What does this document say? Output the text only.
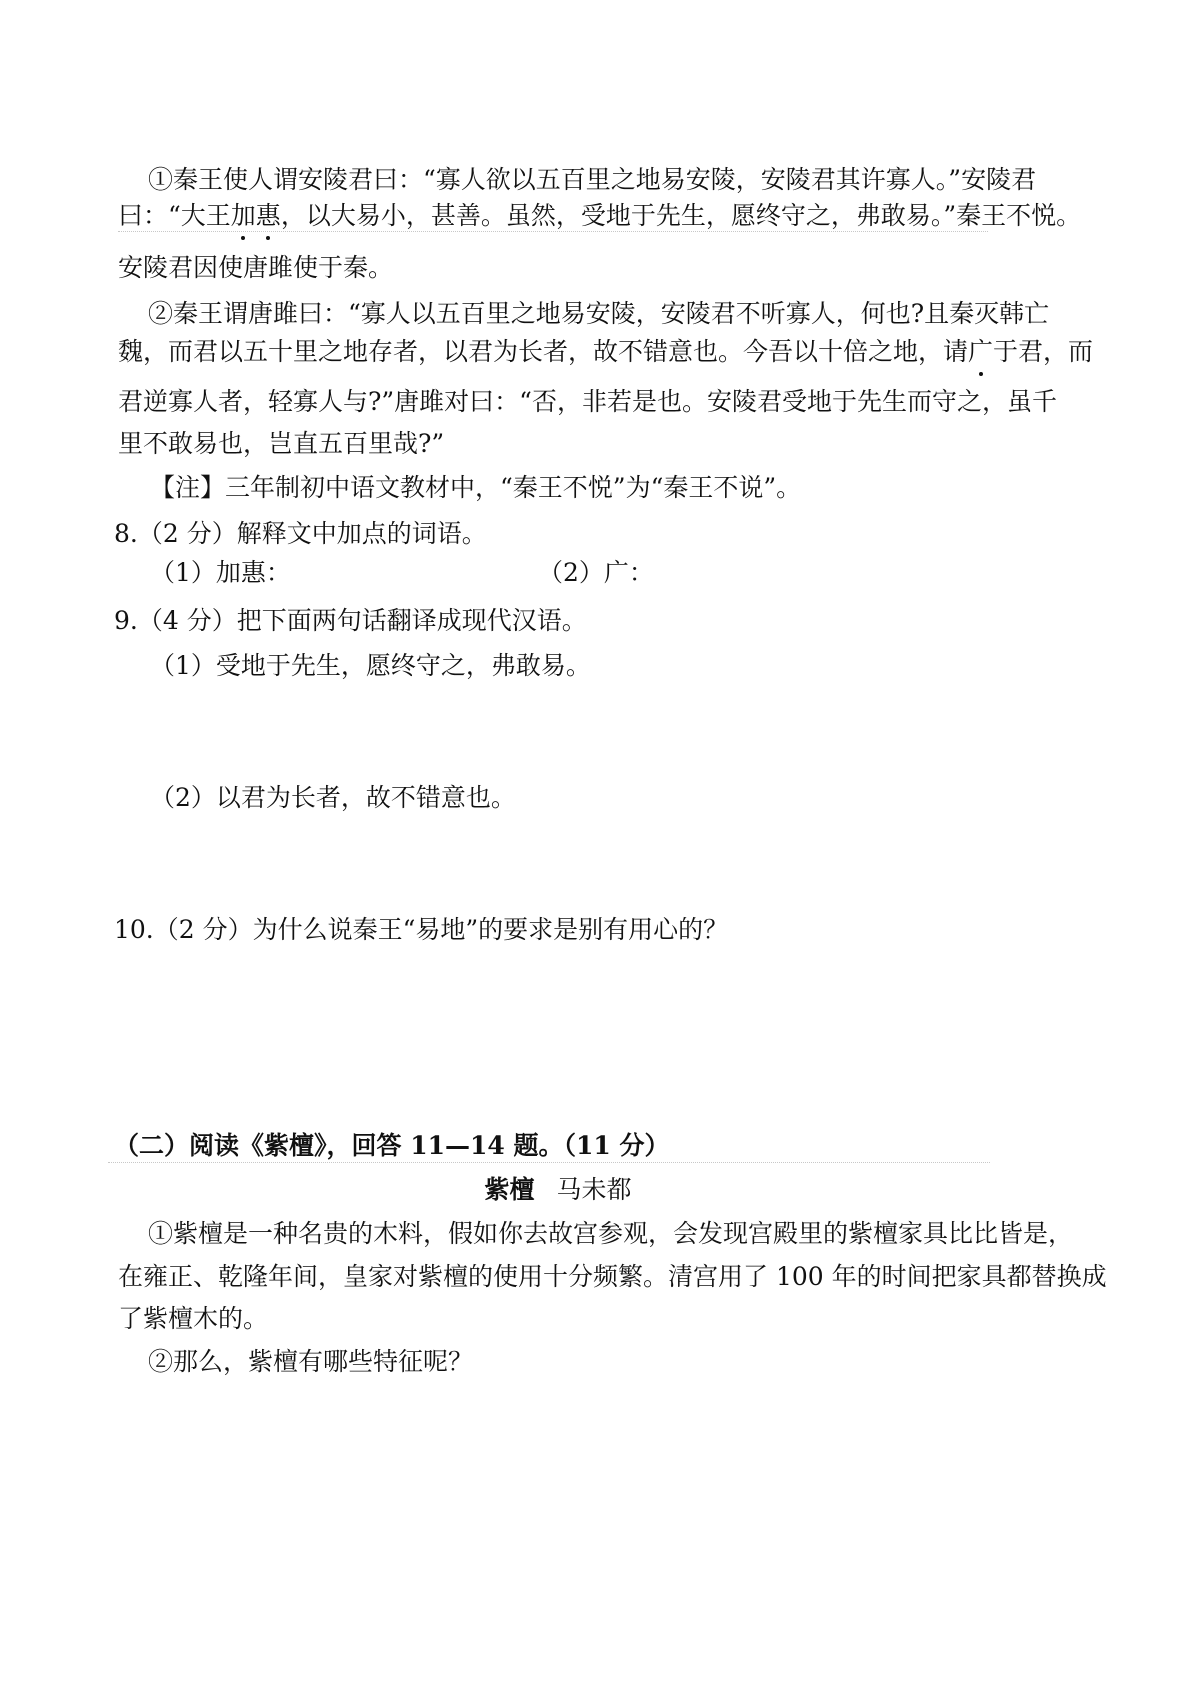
①秦王使人谓安陵君曰：“寡人欲以五百里之地易安陵，安陵君其许寡人。”安陵君
曰：“大王加惠，以大易小，甚善。虽然，受地于先生，愿终守之，弗敢易。”秦王不悦。
安陵君因使唐雎使于秦。
②秦王谓唐雎曰：“寡人以五百里之地易安陵，安陵君不听寡人，何也?且秦灭韩亡
魏，而君以五十里之地存者，以君为长者，故不错意也。今吾以十倍之地，请广于君，而
君逆寡人者，轻寡人与?”唐雎对曰：“否，非若是也。安陵君受地于先生而守之，虽千
里不敢易也，岂直五百里哉?”
【注】三年制初中语文教材中，“秦王不悦”为“秦王不说”。
8.（2 分）解释文中加点的词语。
（1）加惠：	（2）广：
9.（4 分）把下面两句话翻译成现代汉语。
（1）受地于先生，愿终守之，弗敢易。
（2）以君为长者，故不错意也。
10.（2 分）为什么说秦王“易地”的要求是别有用心的？
（二）阅读《紫檀》，回答 11—14 题。（11 分）
紫檀 马未都
①紫檀是一种名贵的木料，假如你去故宫参观，会发现宫殿里的紫檀家具比比皆是，
在雍正、乾隆年间，皇家对紫檀的使用十分频繁。清宫用了 100 年的时间把家具都替换成
了紫檀木的。
②那么，紫檀有哪些特征呢？
